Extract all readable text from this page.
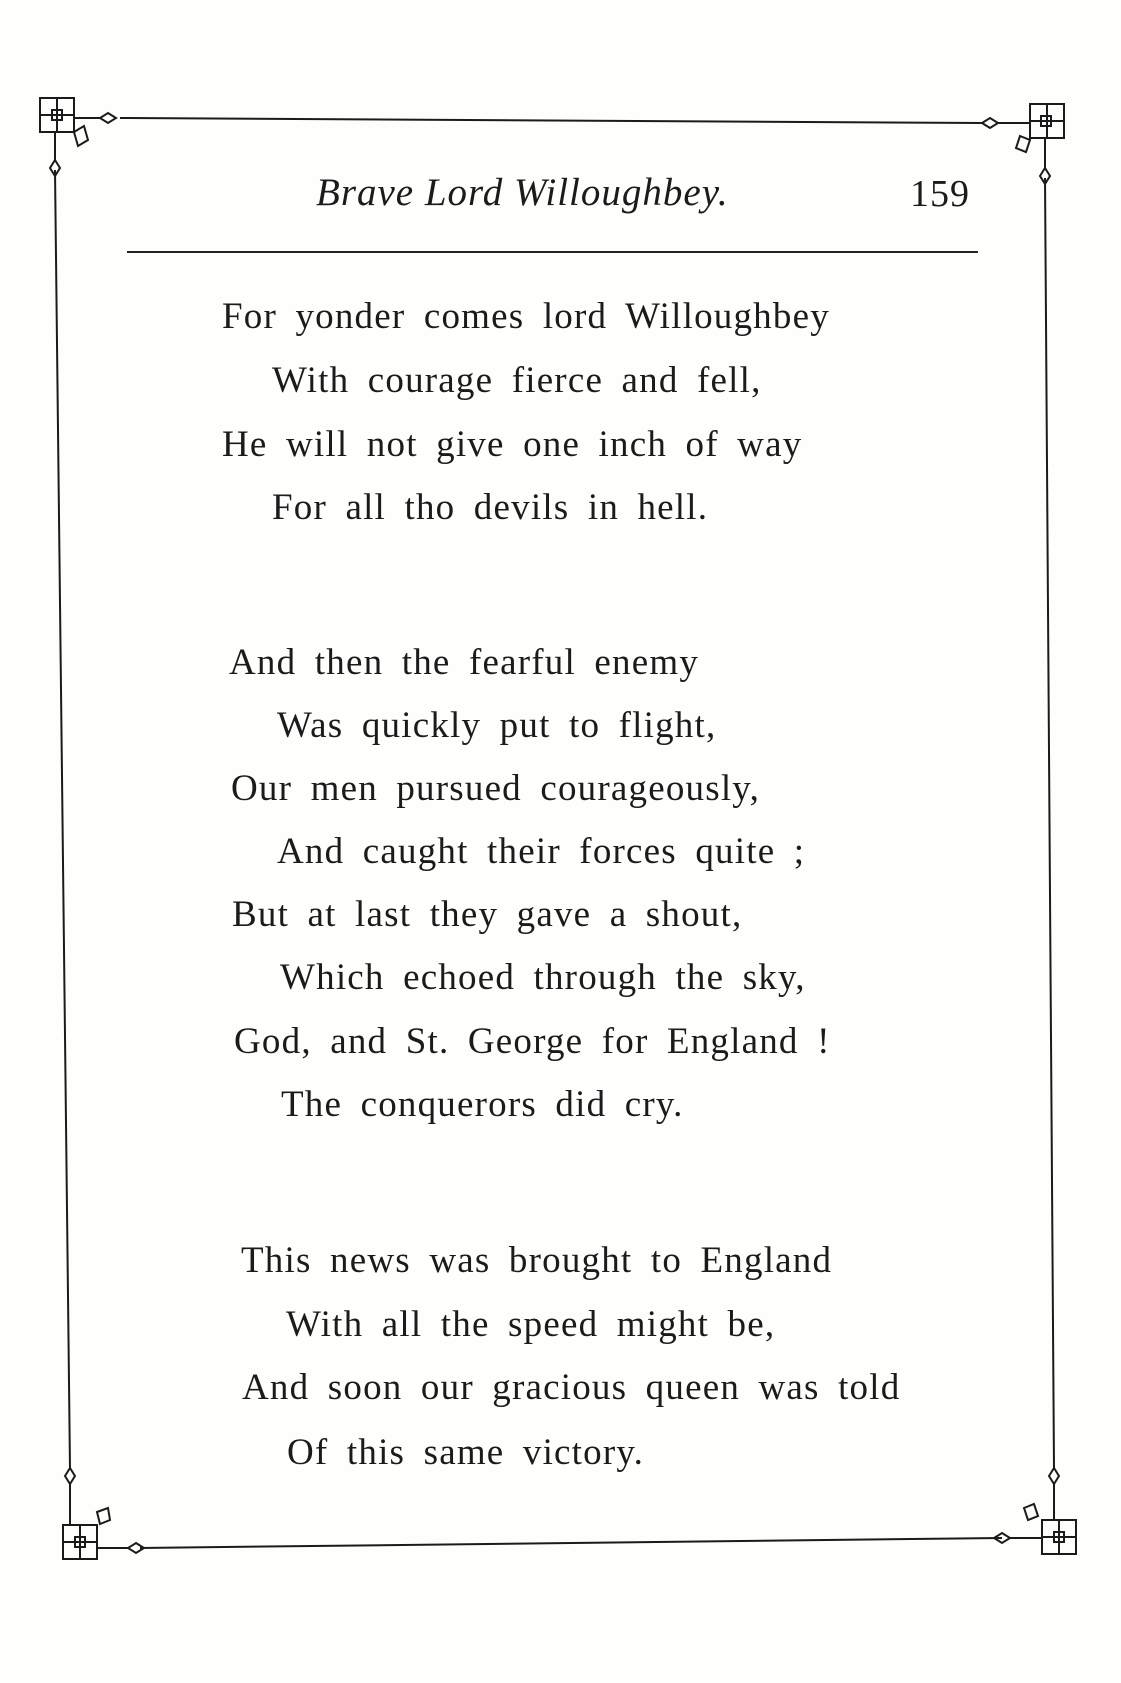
Brave Lord Willoughbey.	159
For yonder comes lord Willoughbey
With courage fierce and fell,
He will not give one inch of way
For all tho devils in hell.
And then the fearful enemy
Was quickly put to flight,
Our men pursued courageously,
And caught their forces quite ;
But at last they gave a shout,
Which echoed through the sky,
God, and St. George for England !
The conquerors did cry.
This news was brought to England
With all the speed might be,
And soon our gracious queen was told
Of this same victory.
